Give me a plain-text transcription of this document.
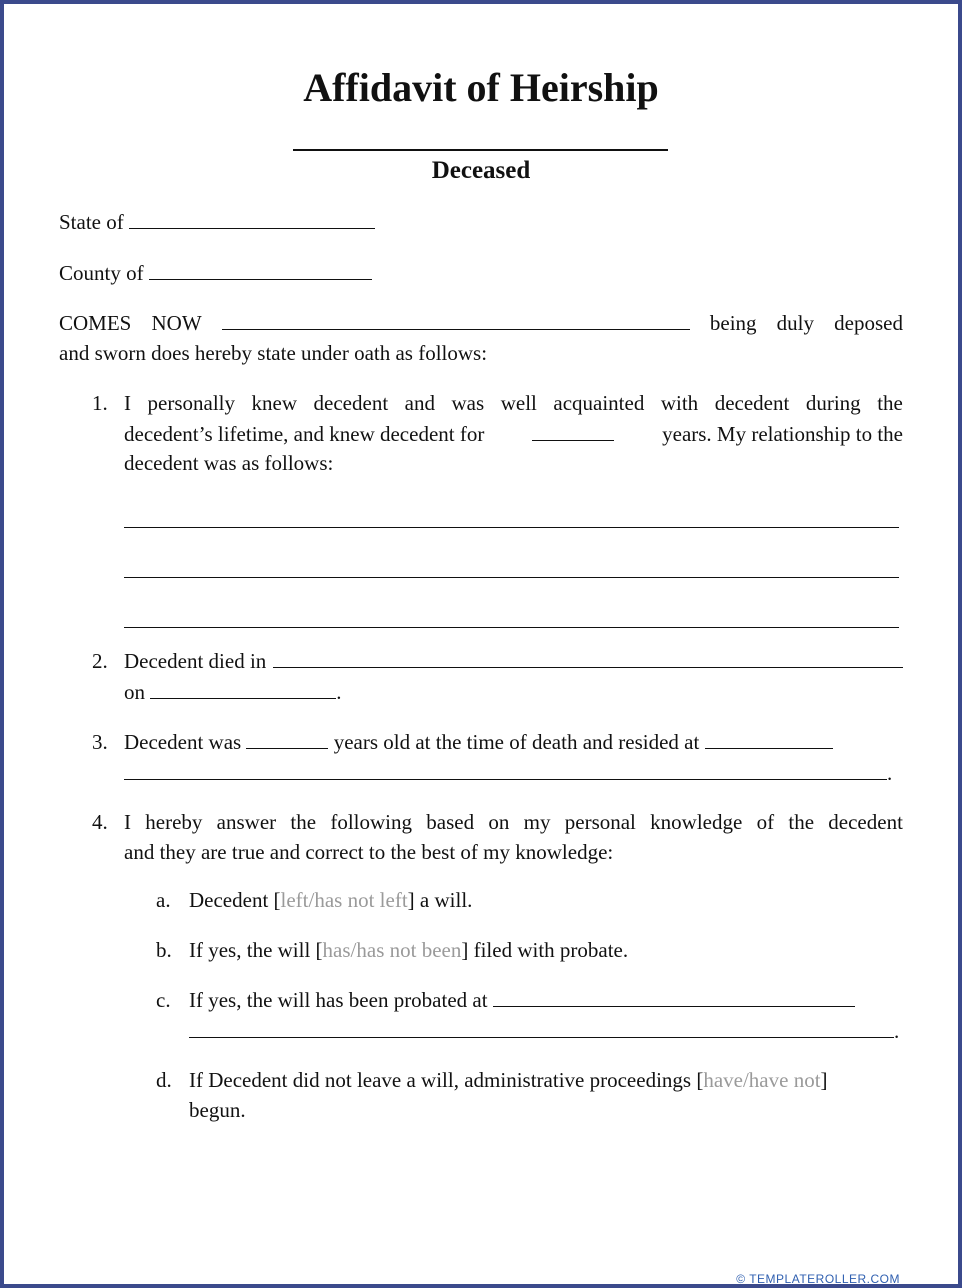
Affidavit of Heirship
Deceased
State of
County of
COMES NOW	being duly deposed
and sworn does hereby state under oath as follows:
1. I personally knew decedent and was well acquainted with decedent during the
decedent’s lifetime, and knew decedent for	years. My relationship to the
decedent was as follows:
2. Decedent died in
on	.
3. Decedent was	years old at the time of death and resided at
.
4. I hereby answer the following based on my personal knowledge of the decedent
and they are true and correct to the best of my knowledge:
a. Decedent [left/has not left] a will.
b. If yes, the will [has/has not been] filed with probate.
c. If yes, the will has been probated at
.
d. If Decedent did not leave a will, administrative proceedings [have/have not]
begun.
© TEMPLATEROLLER.COM
